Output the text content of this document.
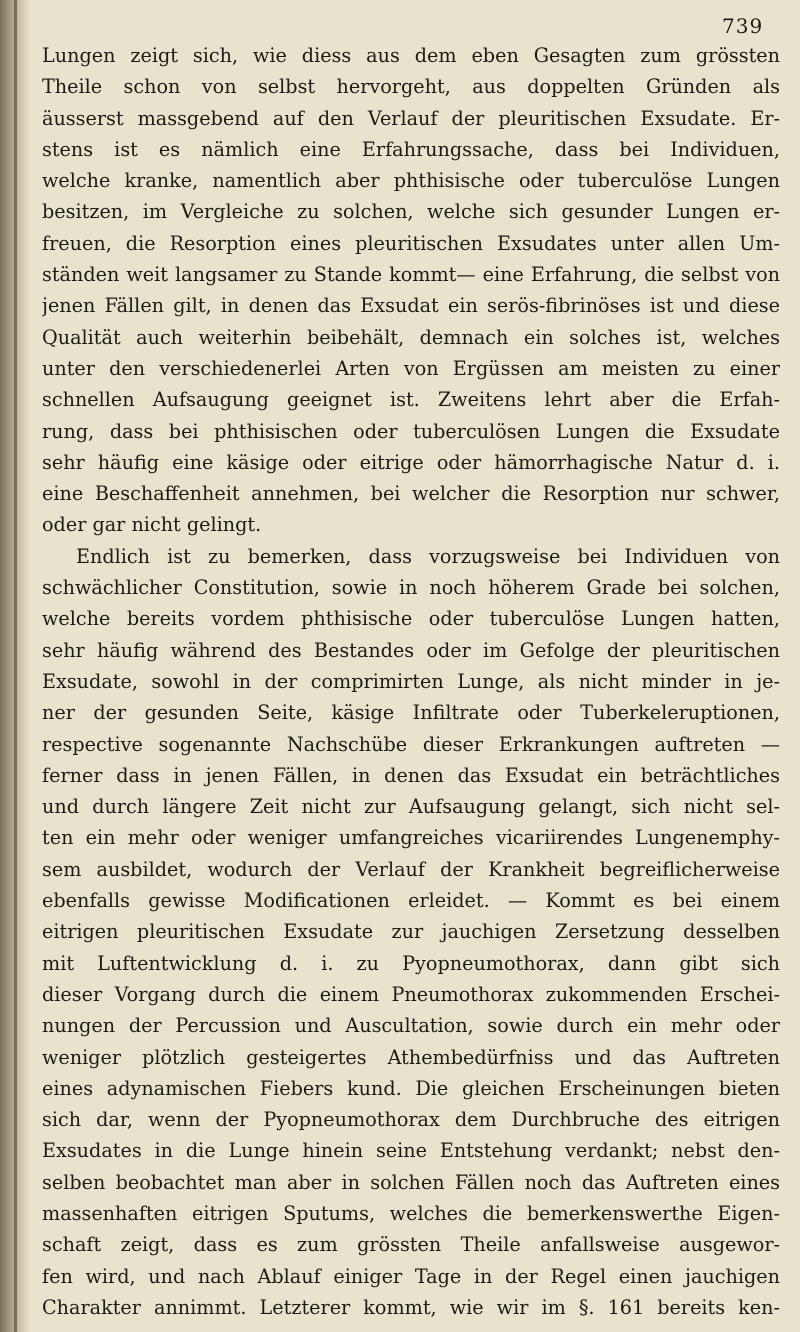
739
Lungen zeigt sich, wie diess aus dem eben Gesagten zum grössten
Theile schon von selbst hervorgeht, aus doppelten Gründen als
äusserst massgebend auf den Verlauf der pleuritischen Exsudate. Er-
stens ist es nämlich eine Erfahrungssache, dass bei Individuen,
welche kranke, namentlich aber phthisische oder tuberculöse Lungen
besitzen, im Vergleiche zu solchen, welche sich gesunder Lungen er-
freuen, die Resorption eines pleuritischen Exsudates unter allen Um-
ständen weit langsamer zu Stande kommt— eine Erfahrung, die selbst von
jenen Fällen gilt, in denen das Exsudat ein serös-fibrinöses ist und diese
Qualität auch weiterhin beibehält, demnach ein solches ist, welches
unter den verschiedenerlei Arten von Ergüssen am meisten zu einer
schnellen Aufsaugung geeignet ist. Zweitens lehrt aber die Erfah-
rung, dass bei phthisischen oder tuberculösen Lungen die Exsudate
sehr häufig eine käsige oder eitrige oder hämorrhagische Natur d. i.
eine Beschaffenheit annehmen, bei welcher die Resorption nur schwer,
oder gar nicht gelingt.
Endlich ist zu bemerken, dass vorzugsweise bei Individuen von
schwächlicher Constitution, sowie in noch höherem Grade bei solchen,
welche bereits vordem phthisische oder tuberculöse Lungen hatten,
sehr häufig während des Bestandes oder im Gefolge der pleuritischen
Exsudate, sowohl in der comprimirten Lunge, als nicht minder in je-
ner der gesunden Seite, käsige Infiltrate oder Tuberkeleruptionen,
respective sogenannte Nachschübe dieser Erkrankungen auftreten —
ferner dass in jenen Fällen, in denen das Exsudat ein beträchtliches
und durch längere Zeit nicht zur Aufsaugung gelangt, sich nicht sel-
ten ein mehr oder weniger umfangreiches vicariirendes Lungenemphy-
sem ausbildet, wodurch der Verlauf der Krankheit begreiflicherweise
ebenfalls gewisse Modificationen erleidet. — Kommt es bei einem
eitrigen pleuritischen Exsudate zur jauchigen Zersetzung desselben
mit Luftentwicklung d. i. zu Pyopneumothorax, dann gibt sich
dieser Vorgang durch die einem Pneumothorax zukommenden Erschei-
nungen der Percussion und Auscultation, sowie durch ein mehr oder
weniger plötzlich gesteigertes Athembedürfniss und das Auftreten
eines adynamischen Fiebers kund. Die gleichen Erscheinungen bieten
sich dar, wenn der Pyopneumothorax dem Durchbruche des eitrigen
Exsudates in die Lunge hinein seine Entstehung verdankt; nebst den-
selben beobachtet man aber in solchen Fällen noch das Auftreten eines
massenhaften eitrigen Sputums, welches die bemerkenswerthe Eigen-
schaft zeigt, dass es zum grössten Theile anfallsweise ausgewor-
fen wird, und nach Ablauf einiger Tage in der Regel einen jauchigen
Charakter annimmt. Letzterer kommt, wie wir im §. 161 bereits ken-
